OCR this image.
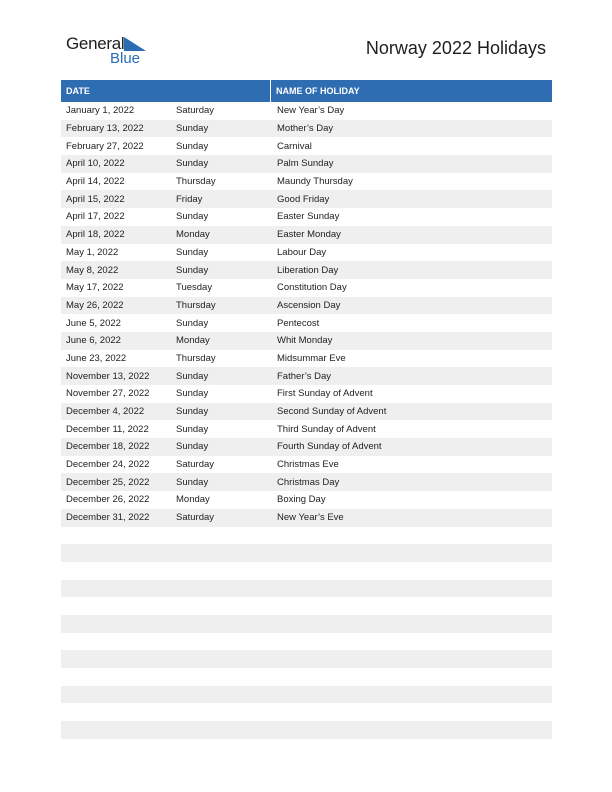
General
Blue
Norway 2022 Holidays
DATE	NAME OF HOLIDAY
January 1, 2022	Saturday	New Year’s Day
February 13, 2022	Sunday	Mother’s Day
February 27, 2022	Sunday	Carnival
April 10, 2022	Sunday	Palm Sunday
April 14, 2022	Thursday	Maundy Thursday
April 15, 2022	Friday	Good Friday
April 17, 2022	Sunday	Easter Sunday
April 18, 2022	Monday	Easter Monday
May 1, 2022	Sunday	Labour Day
May 8, 2022	Sunday	Liberation Day
May 17, 2022	Tuesday	Constitution Day
May 26, 2022	Thursday	Ascension Day
June 5, 2022	Sunday	Pentecost
June 6, 2022	Monday	Whit Monday
June 23, 2022	Thursday	Midsummar Eve
November 13, 2022	Sunday	Father’s Day
November 27, 2022	Sunday	First Sunday of Advent
December 4, 2022	Sunday	Second Sunday of Advent
December 11, 2022	Sunday	Third Sunday of Advent
December 18, 2022	Sunday	Fourth Sunday of Advent
December 24, 2022	Saturday	Christmas Eve
December 25, 2022	Sunday	Christmas Day
December 26, 2022	Monday	Boxing Day
December 31, 2022	Saturday	New Year’s Eve
